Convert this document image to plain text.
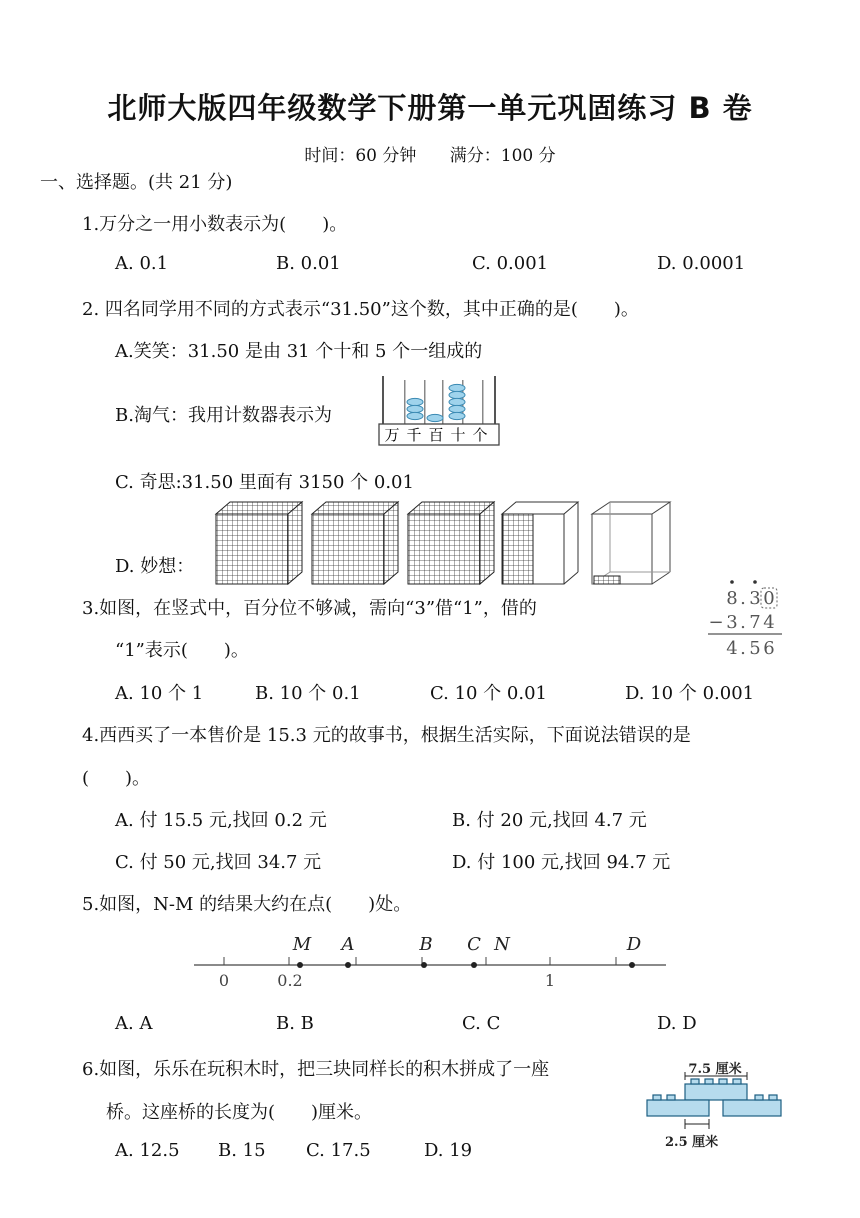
北师大版四年级数学下册第一单元巩固练习 B 卷
时间：60 分钟 满分：100 分
一、选择题。(共 21 分)
1.万分之一用小数表示为(　　)。
A. 0.1	B. 0.01	C. 0.001	D. 0.0001
2. 四名同学用不同的方式表示“31.50”这个数，其中正确的是(　　)。
A.笑笑：31.50 是由 31 个十和 5 个一组成的
B.淘气：我用计数器表示为
万 千 百 十 个
C. 奇思:31.50 里面有 3150 个 0.01
D. 妙想：
3.如图，在竖式中，百分位不够减，需向“3”借“1”，借的
“1”表示(　　)。
8 . 3 0
− 3 . 7 4
4 . 5 6
A. 10 个 1	B. 10 个 0.1	C. 10 个 0.01	D. 10 个 0.001
4.西西买了一本售价是 15.3 元的故事书，根据生活实际，下面说法错误的是
(　　)。
A. 付 15.5 元,找回 0.2 元	B. 付 20 元,找回 4.7 元
C. 付 50 元,找回 34.7 元	D. 付 100 元,找回 94.7 元
5.如图，N-M 的结果大约在点(　　)处。
M A	B C N	D
0	0.2	1
A. A	B. B	C. C	D. D
6.如图，乐乐在玩积木时，把三块同样长的积木拼成了一座
桥。这座桥的长度为(　　)厘米。
7.5 厘米
2.5 厘米
A. 12.5 B. 15 C. 17.5	D. 19
